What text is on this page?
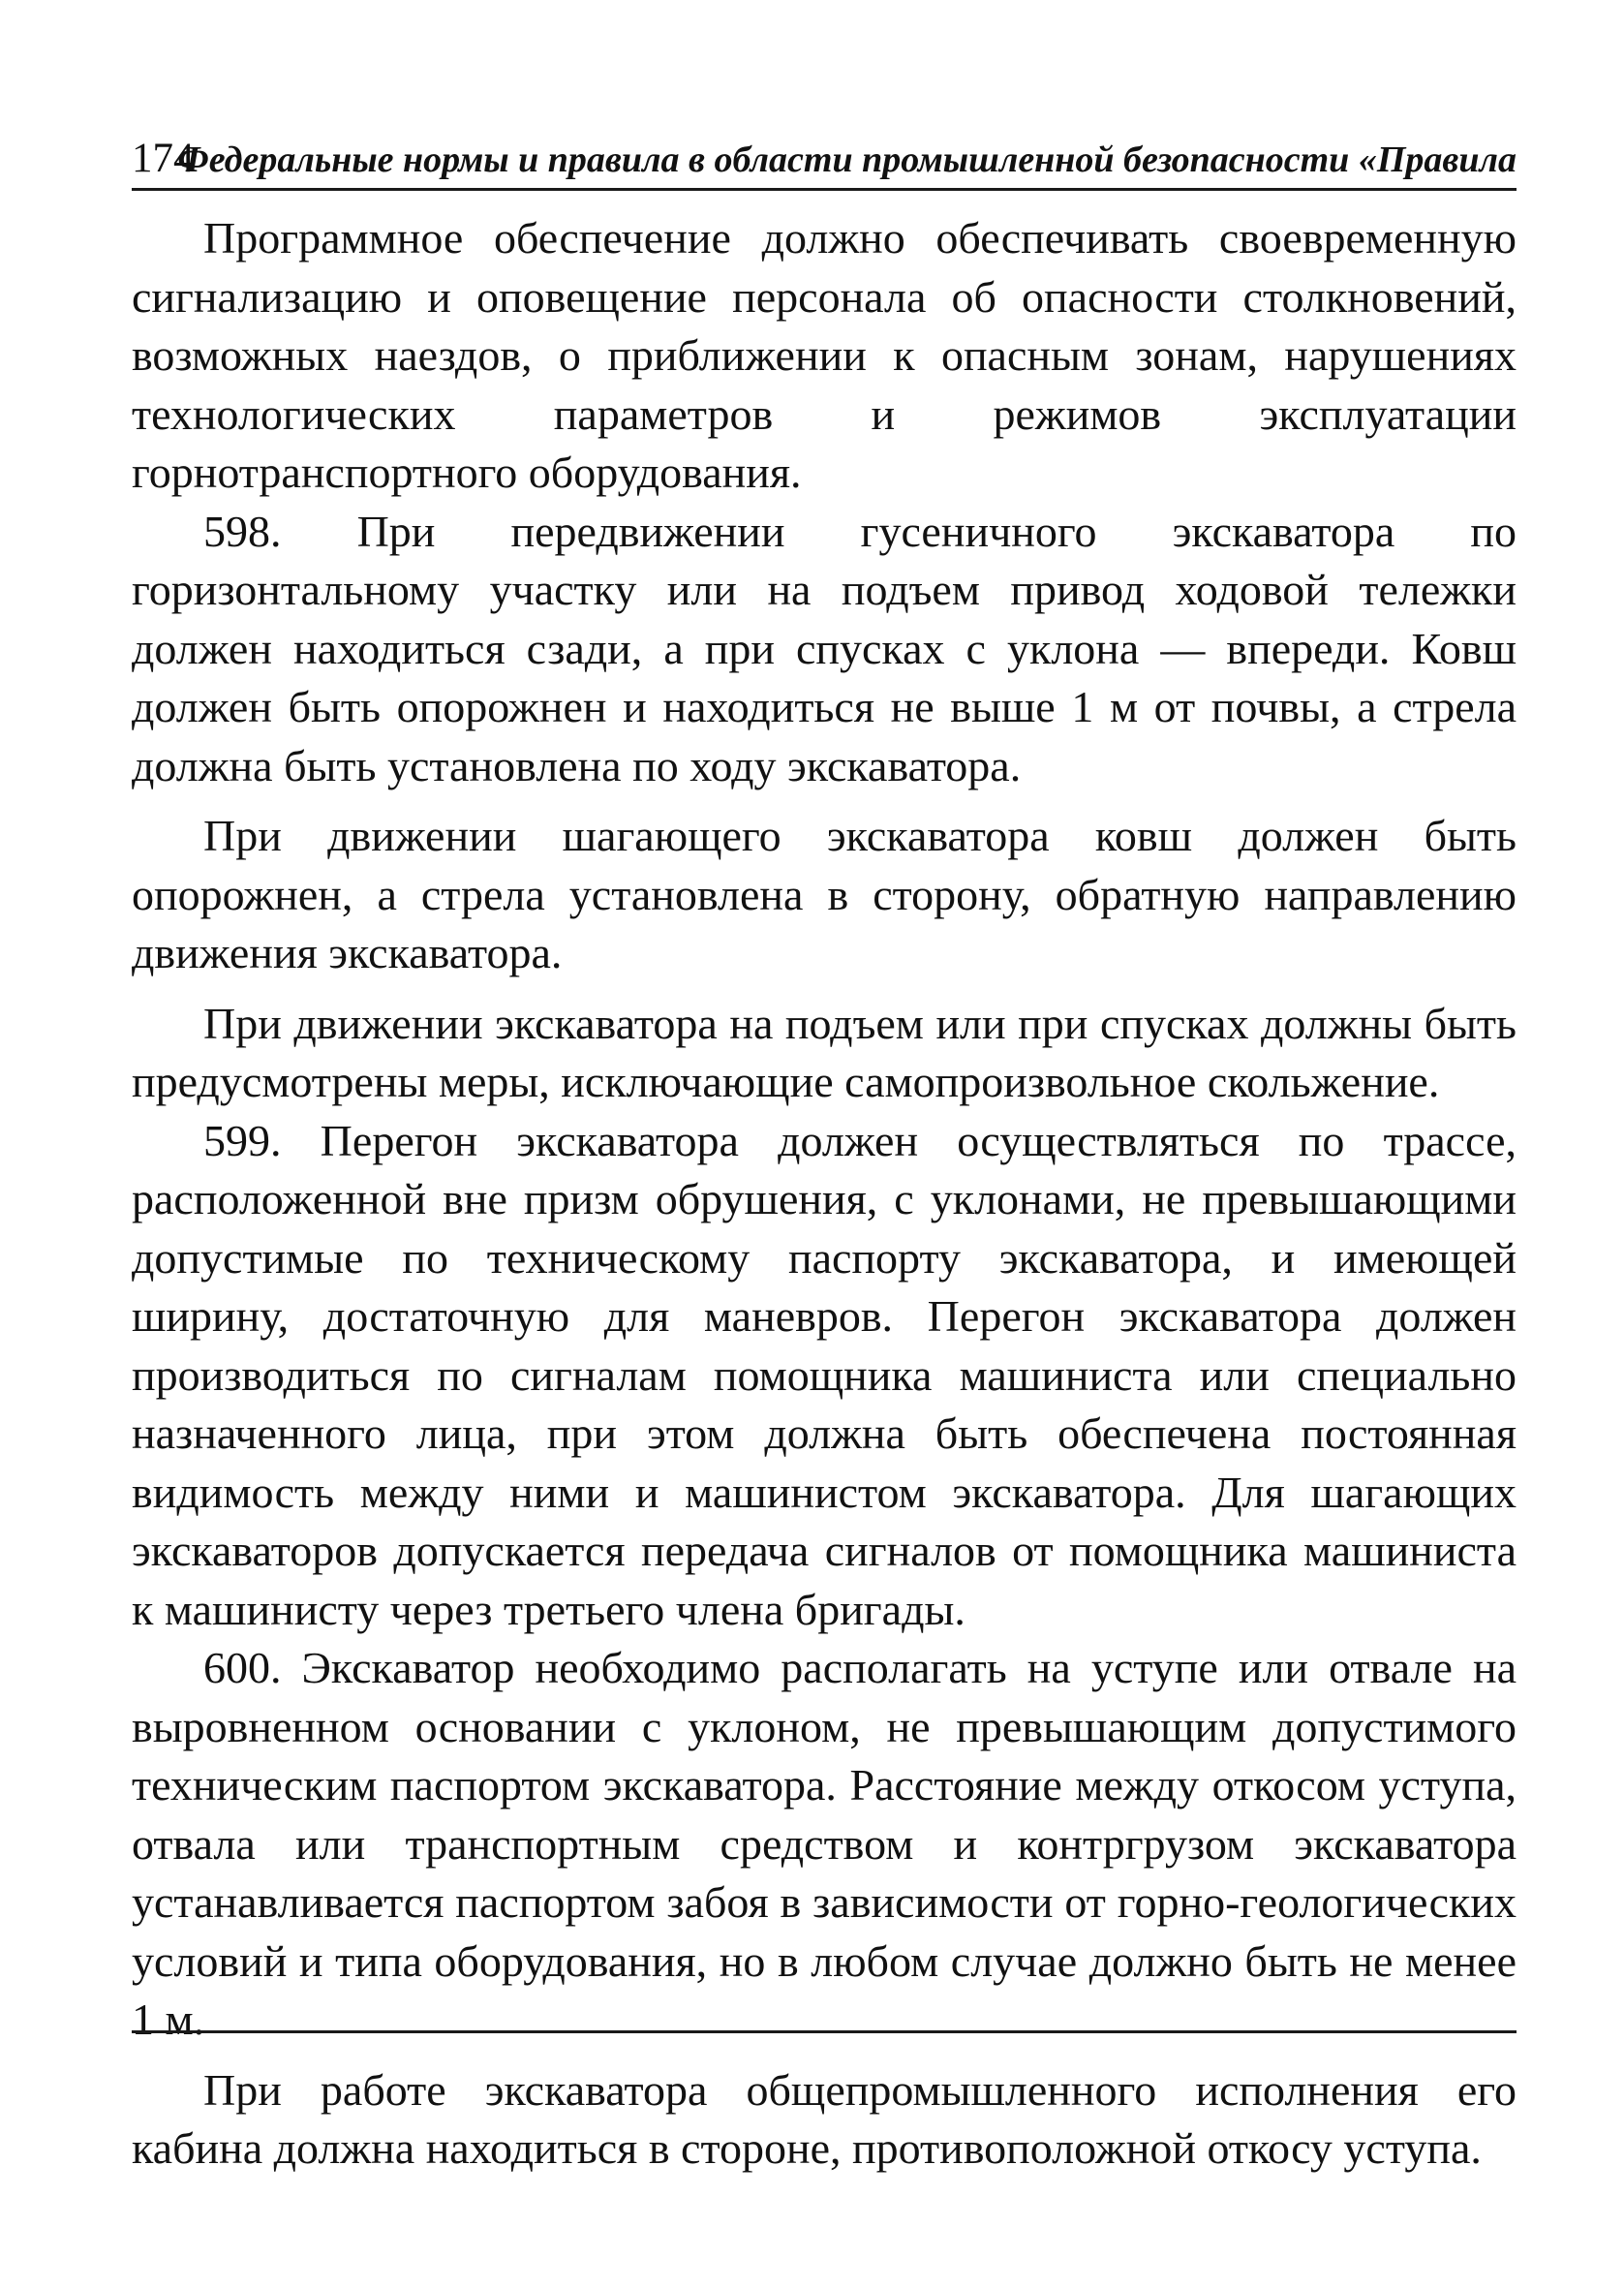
174
Федеральные нормы и правила в области промышленной безопасности «Правила

Программное обеспечение должно обеспечивать своевременную сигнализацию и оповещение персонала об опасности столкновений, возможных наездов, о приближении к опасным зонам, нарушениях технологических параметров и режимов эксплуатации горнотранспортного оборудования.

598. При передвижении гусеничного экскаватора по горизонтальному участку или на подъем привод ходовой тележки должен находиться сзади, а при спусках с уклона — впереди. Ковш должен быть опорожнен и находиться не выше 1 м от почвы, а стрела должна быть установлена по ходу экскаватора.

При движении шагающего экскаватора ковш должен быть опорожнен, а стрела установлена в сторону, обратную направлению движения экскаватора.

При движении экскаватора на подъем или при спусках должны быть предусмотрены меры, исключающие самопроизвольное скольжение.

599. Перегон экскаватора должен осуществляться по трассе, расположенной вне призм обрушения, с уклонами, не превышающими допустимые по техническому паспорту экскаватора, и имеющей ширину, достаточную для маневров. Перегон экскаватора должен производиться по сигналам помощника машиниста или специально назначенного лица, при этом должна быть обеспечена постоянная видимость между ними и машинистом экскаватора. Для шагающих экскаваторов допускается передача сигналов от помощника машиниста к машинисту через третьего члена бригады.

600. Экскаватор необходимо располагать на уступе или отвале на выровненном основании с уклоном, не превышающим допустимого техническим паспортом экскаватора. Расстояние между откосом уступа, отвала или транспортным средством и контргрузом экскаватора устанавливается паспортом забоя в зависимости от горно-геологических условий и типа оборудования, но в любом случае должно быть не менее 1 м.

При работе экскаватора общепромышленного исполнения его кабина должна находиться в стороне, противоположной откосу уступа.
